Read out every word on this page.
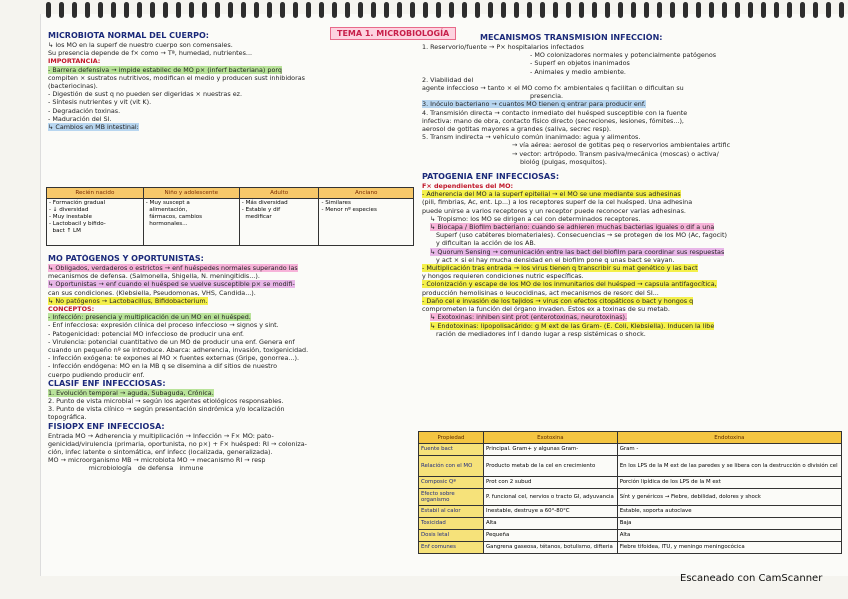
TEMA 1. MICROBIOLOGÍA
MICROBIOTA NORMAL DEL CUERPO:
↳ los MO en la superf de nuestro cuerpo son comensales.
Su presencia depende de f× como → Tª, humedad, nutrientes...
IMPORTANCIA:
- Barrera defensiva → impide estabilec de MO p× (inferf bacteriana) porq
compiten × sustratos nutritivos, modifican el medio y producen sust inhibidoras
(bacteriocinas).
- Digestión de sust q no pueden ser digeridas × nuestras ez.
- Síntesis nutrientes y vit (vit K).
- Degradación toxinas.
- Maduración del SI.
↳ Cambios en MB intestinal:
Recién nacido	Niño y adolescente	Adulto	Anciano
- Formación gradual
- ↓ diversidad
- Muy inestable
- Lactobacil y bifido-
bact ↑ LM	- Muy suscept a
alimentación,
fármacos, cambios
hormonales...	- Más diversidad
- Estable y dif
medificar	- Similares
- Menor nº especies
MO PATÓGENOS Y OPORTUNISTAS:
↳ Obligados, verdaderos o estrictos → enf huéspedes normales superando las
mecanismos de defensa. (Salmonella, Shigella, N. meningitidis...).
↳ Oportunistas → enf cuando el huésped se vuelve susceptible p× se modifi-
can sus condiciones. (Klebsiella, Pseudomonas, VHS, Candida...).
↳ No patógenos → Lactobacillus, Bifidobacterium.
CONCEPTOS:
- Infección: presencia y multiplicación de un MO en el huésped.
- Enf infecciosa: expresión clínica del proceso infeccioso → signos y sint.
- Patogenicidad: potencial MO infeccioso de producir una enf.
- Virulencia: potencial cuantitativo de un MO de producir una enf. Genera enf
cuando un pequeño nº se introduce. Abarca: adherencia, invasión, toxigenicidad.
- Infección exógena: te expones al MO × fuentes externas (Gripe, gonorrea...).
- Infección endógena: MO en la MB q se disemina a dif sitios de nuestro
cuerpo pudiendo producir enf.
CLASIF ENF INFECCIOSAS:
1. Evolución temporal → aguda, Subaguda, Crónica.
2. Punto de vista microbial → según los agentes etiológicos responsables.
3. Punto de vista clínico → según presentación sindrómica y/o localización
topográfica.
FISIOPX ENF INFECCIOSA:
Entrada MO → Adherencia y multiplicación → Infección → F× MO: pato-
genicidad/virulencia (primaria, oportunista, no p×) + F× huésped: RI → coloniza-
ción, infec latente o sintomática, enf infecc (localizada, generalizada).
MO → microorganismo MB → microbiota MO → mecanismo RI → resp
microbiología   de defensa   inmune
MECANISMOS TRANSMISIÓN INFECCIÓN:
1. Reservorio/fuente → P× hospitalarios infectados
- MO colonizadores normales y potencialmente patógenos
- Superf en objetos inanimados
- Animales y medio ambiente.
2. Viabilidad del
agente infeccioso → tanto × el MO como f× ambientales q facilitan o dificultan su
presencia.
3. Inóculo bacteriano → cuantos MO tienen q entrar para producir enf.
4. Transmisión directa → contacto inmediato del huésped susceptible con la fuente
infectiva: mano de obra, contacto físico directo (secreciones, lesiones, fómites...),
aerosol de gotitas mayores a grandes (saliva, secrec resp).
5. Transm indirecta → vehículo común inanimado: agua y alimentos.
→ vía aérea: aerosol de gotitas peq o reservorios ambientales artific
→ vector: artrópodo. Transm pasiva/mecánica (moscas) o activa/
biológ (pulgas, mosquitos).
PATOGENIA ENF INFECCIOSAS:
F× dependientes del MO:
- Adherencia del MO a la superf epitelial → el MO se une mediante sus adhesinas
(pili, fimbrias, Ac, ent. Lp...) a los receptores superf de la cel huésped. Una adhesina
puede unirse a varios receptores y un receptor puede reconocer varias adhesinas.
↳ Tropismo: los MO se dirigen a cel con determinados receptores.
↳ Biocapa / Biofilm bacteriano: cuando se adhieren muchas bacterias iguales o dif a una
Superf (uso catéteres biomateriales). Consecuencias → se protegen de los MO (Ac, fagocit)
y dificultan la acción de los AB.
↳ Quorum Sensing → comunicación entre las bact del biofilm para coordinar sus respuestas
y act × si el hay mucha densidad en el biofilm pone q unas bact se vayan.
- Multiplicación tras entrada → los virus tienen q transcribir su mat genético y las bact
y hongos requieren condiciones nutric específicas.
- Colonización y escape de los MO de los inmunitarios del huésped → capsula antifagocítica,
producción hemolisinas o leucocidinas, act mecanismos de resorc del SI...
- Daño cel e invasión de los tejidos → virus con efectos citopáticos o bact y hongos q
comprometen la función del órgano invaden. Estos ex a toxinas de su metab.
↳ Exotoxinas: inhiben sint prot (enterotoxinas, neurotoxinas).
↳ Endotoxinas: lipopolisacárido: g M ext de las Gram- (E. Coli, Klebsiella). Inducen la libe
ración de mediadores inf l dando lugar a resp sistémicas o shock.
Propiedad	Exotoxina	Endotoxina
Fuente bact	Principal. Gram+ y algunas Gram-	Gram -
Relación con el MO	Producto metab de la cel en crecimiento	En los LPS de la M ext de las paredes y se libera con la destrucción o división cel
Composic Qª	Prot con 2 subud	Porción lipídica de los LPS de la M ext
Efecto sobre organismo	P. funcional cel, nervios o tracto GI, adyuvancia	Sínt y genéricos → Fiebre, debilidad, dolores y shock
Estabil al calor	Inestable, destruye a 60°-80°C	Estable, soporta autoclave
Toxicidad	Alta	Baja
Dosis letal	Pequeña	Alta
Enf comunes	Gangrena gaseosa, tétanos, botulismo, difteria	Fiebre tifoidea, ITU, y meningo meningocócica
Escaneado con CamScanner
